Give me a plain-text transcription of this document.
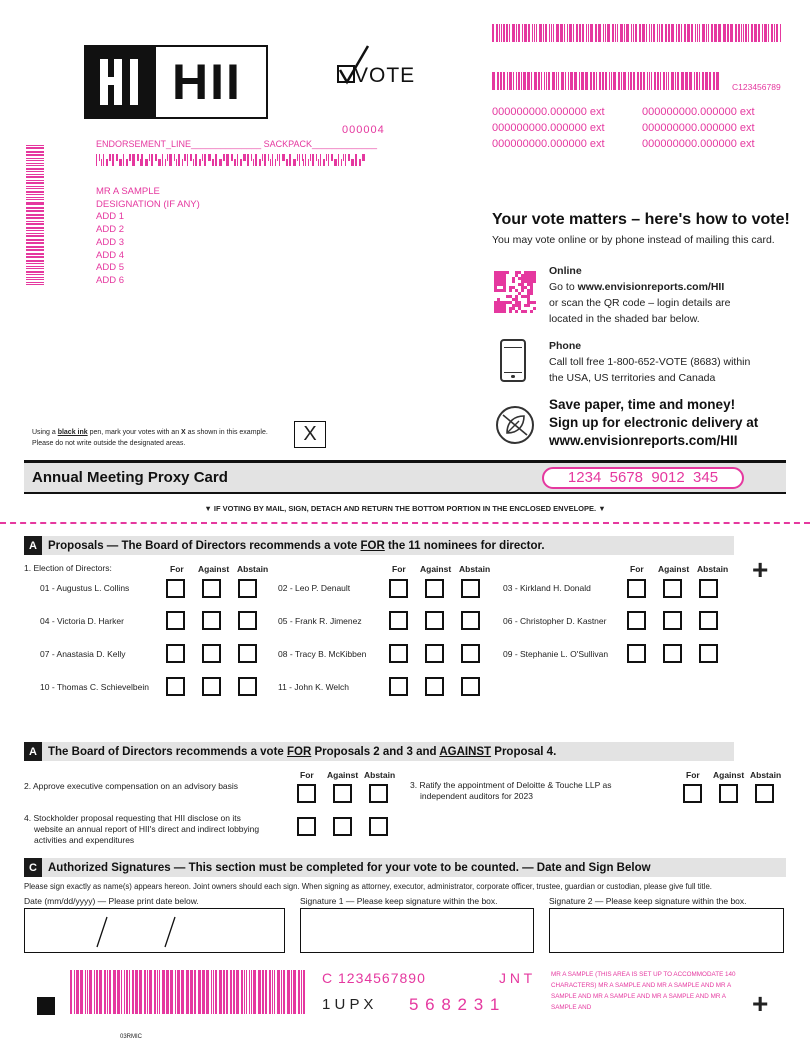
HII	VOTE	C123456789
000000000.000000 ext	000000000.000000 ext
000000000.000000 ext	000000000.000000 ext
000000000.000000 ext	000000000.000000 ext
000004
ENDORSEMENT_LINE______________ SACKPACK_____________
MR A SAMPLE
DESIGNATION (IF ANY)
ADD 1
ADD 2
ADD 3
ADD 4
ADD 5
ADD 6
Your vote matters – here's how to vote!
You may vote online or by phone instead of mailing this card.
Online
Go to www.envisionreports.com/HII
or scan the QR code – login details are
located in the shaded bar below.
Phone
Call toll free 1-800-652-VOTE (8683) within
the USA, US territories and Canada
Save paper, time and money!
Sign up for electronic delivery at
www.envisionreports.com/HII
Using a black ink pen, mark your votes with an X as shown in this example.
Please do not write outside the designated areas.	X
Annual Meeting Proxy Card	1234  5678  9012  345
▼ IF VOTING BY MAIL, SIGN, DETACH AND RETURN THE BOTTOM PORTION IN THE ENCLOSED ENVELOPE. ▼
A Proposals — The Board of Directors recommends a vote FOR the 11 nominees for director.
1. Election of Directors:	+
For Against Abstain	For Against Abstain	For Against Abstain
01 - Augustus L. Collins	02 - Leo P. Denault	03 - Kirkland H. Donald
04 - Victoria D. Harker	05 - Frank R. Jimenez	06 - Christopher D. Kastner
07 - Anastasia D. Kelly	08 - Tracy B. McKibben	09 - Stephanie L. O'Sullivan
10 - Thomas C. Schievelbein	11 - John K. Welch
A The Board of Directors recommends a vote FOR Proposals 2 and 3 and AGAINST Proposal 4.
For Against Abstain	For Against Abstain
2. Approve executive compensation on an advisory basis	3. Ratify the appointment of Deloitte & Touche LLP as
independent auditors for 2023
4. Stockholder proposal requesting that HII disclose on its
website an annual report of HII's direct and indirect lobbying
activities and expenditures
C Authorized Signatures — This section must be completed for your vote to be counted. — Date and Sign Below
Please sign exactly as name(s) appears hereon. Joint owners should each sign. When signing as attorney, executor, administrator, corporate officer, trustee, guardian or custodian, please give full title.
Date (mm/dd/yyyy) — Please print date below.	Signature 1 — Please keep signature within the box.	Signature 2 — Please keep signature within the box.
C 1234567890	J N T
1 U P X 5 6 8 2 3 1
MR A SAMPLE (THIS AREA IS SET UP TO ACCOMMODATE 140 CHARACTERS) MR A SAMPLE AND MR A SAMPLE AND MR A SAMPLE AND MR A SAMPLE AND MR A SAMPLE AND MR A SAMPLE AND	+
03RMIC
